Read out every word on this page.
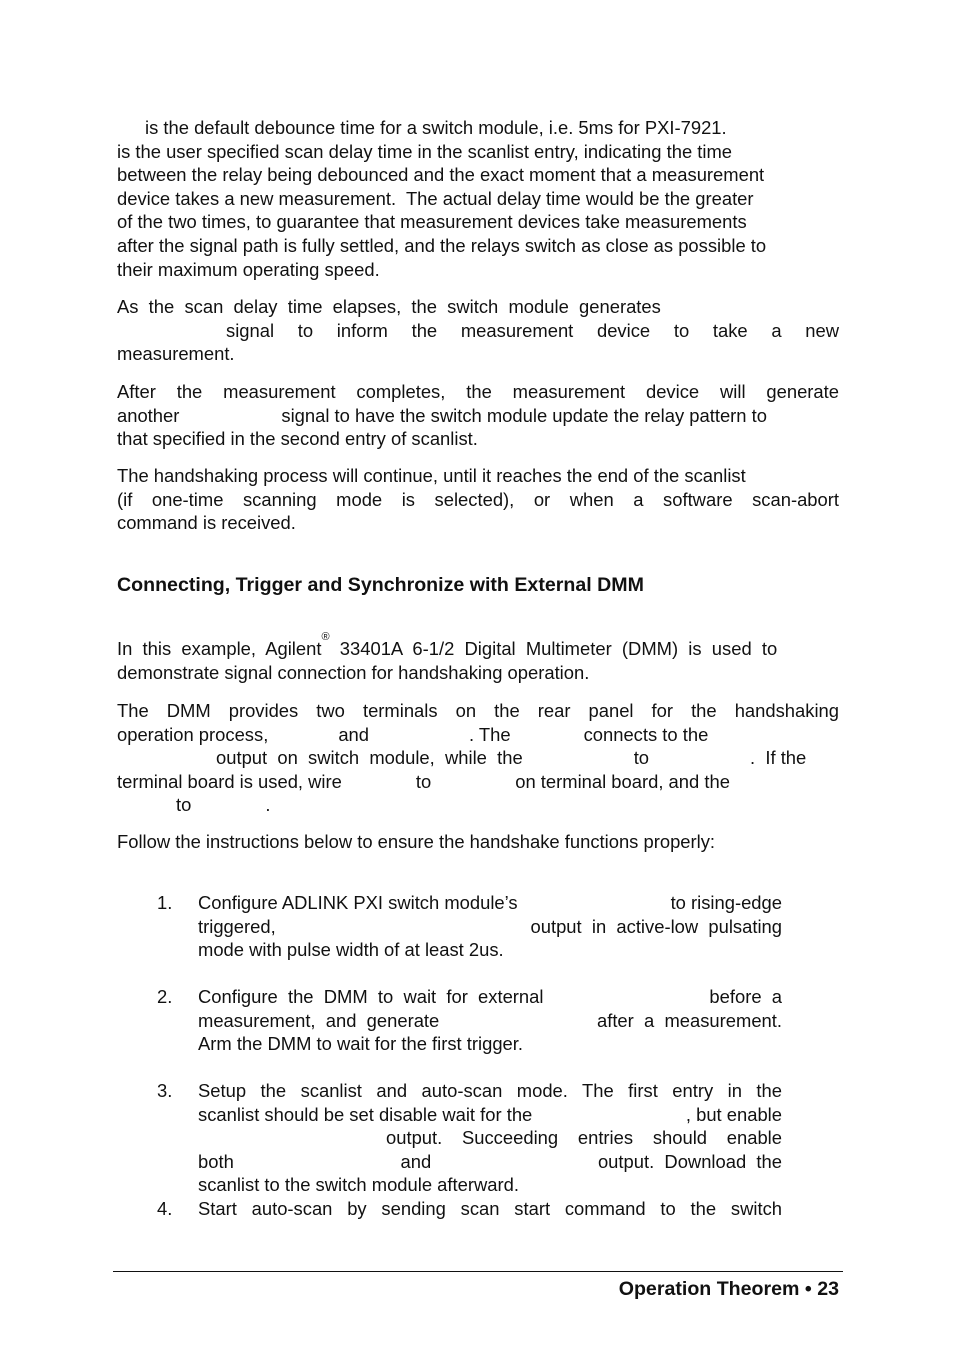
is the default debounce time for a switch module, i.e. 5ms for PXI-7921.
is the user specified scan delay time in the scanlist entry, indicating the time
between the relay being debounced and the exact moment that a measurement
device takes a new measurement.  The actual delay time would be the greater
of the two times, to guarantee that measurement devices take measurements
after the signal path is fully settled, and the relays switch as close as possible to
their maximum operating speed.
As  the  scan  delay  time  elapses,  the  switch  module  generates
signal  to  inform  the  measurement  device  to  take  a  new
measurement.
After  the  measurement  completes,  the  measurement  device  will  generate
another	signal to have the switch module update the relay pattern to
that specified in the second entry of scanlist.
The handshaking process will continue, until it reaches the end of the scanlist
(if  one-time  scanning  mode  is  selected),  or  when  a  software  scan-abort
command is received.
Connecting, Trigger and Synchronize with External DMM
In  this  example,  Agilent
®
33401A  6-1/2  Digital  Multimeter  (DMM)  is  used  to
demonstrate signal connection for handshaking operation.
The  DMM  provides  two  terminals  on  the  rear  panel  for  the  handshaking
operation process,	and	. The	connects to the
output  on  switch  module,  while  the	to	.  If the
terminal board is used, wire	to	on terminal board, and the
to	.
Follow the instructions below to ensure the handshake functions properly:
1.	Configure ADLINK PXI switch module’s	to rising-edge
triggered,	output  in  active-low  pulsating
mode with pulse width of at least 2us.
2.	Configure  the  DMM  to  wait  for  external	before  a
measurement,  and  generate	after  a  measurement.
Arm the DMM to wait for the first trigger.
3.	Setup  the  scanlist  and  auto-scan  mode.  The  first  entry  in  the
scanlist should be set disable wait for the	, but enable
output.  Succeeding  entries  should  enable
both	and	output.  Download  the
scanlist to the switch module afterward.
4.	Start  auto-scan  by  sending  scan  start  command  to  the  switch
Operation Theorem • 23
